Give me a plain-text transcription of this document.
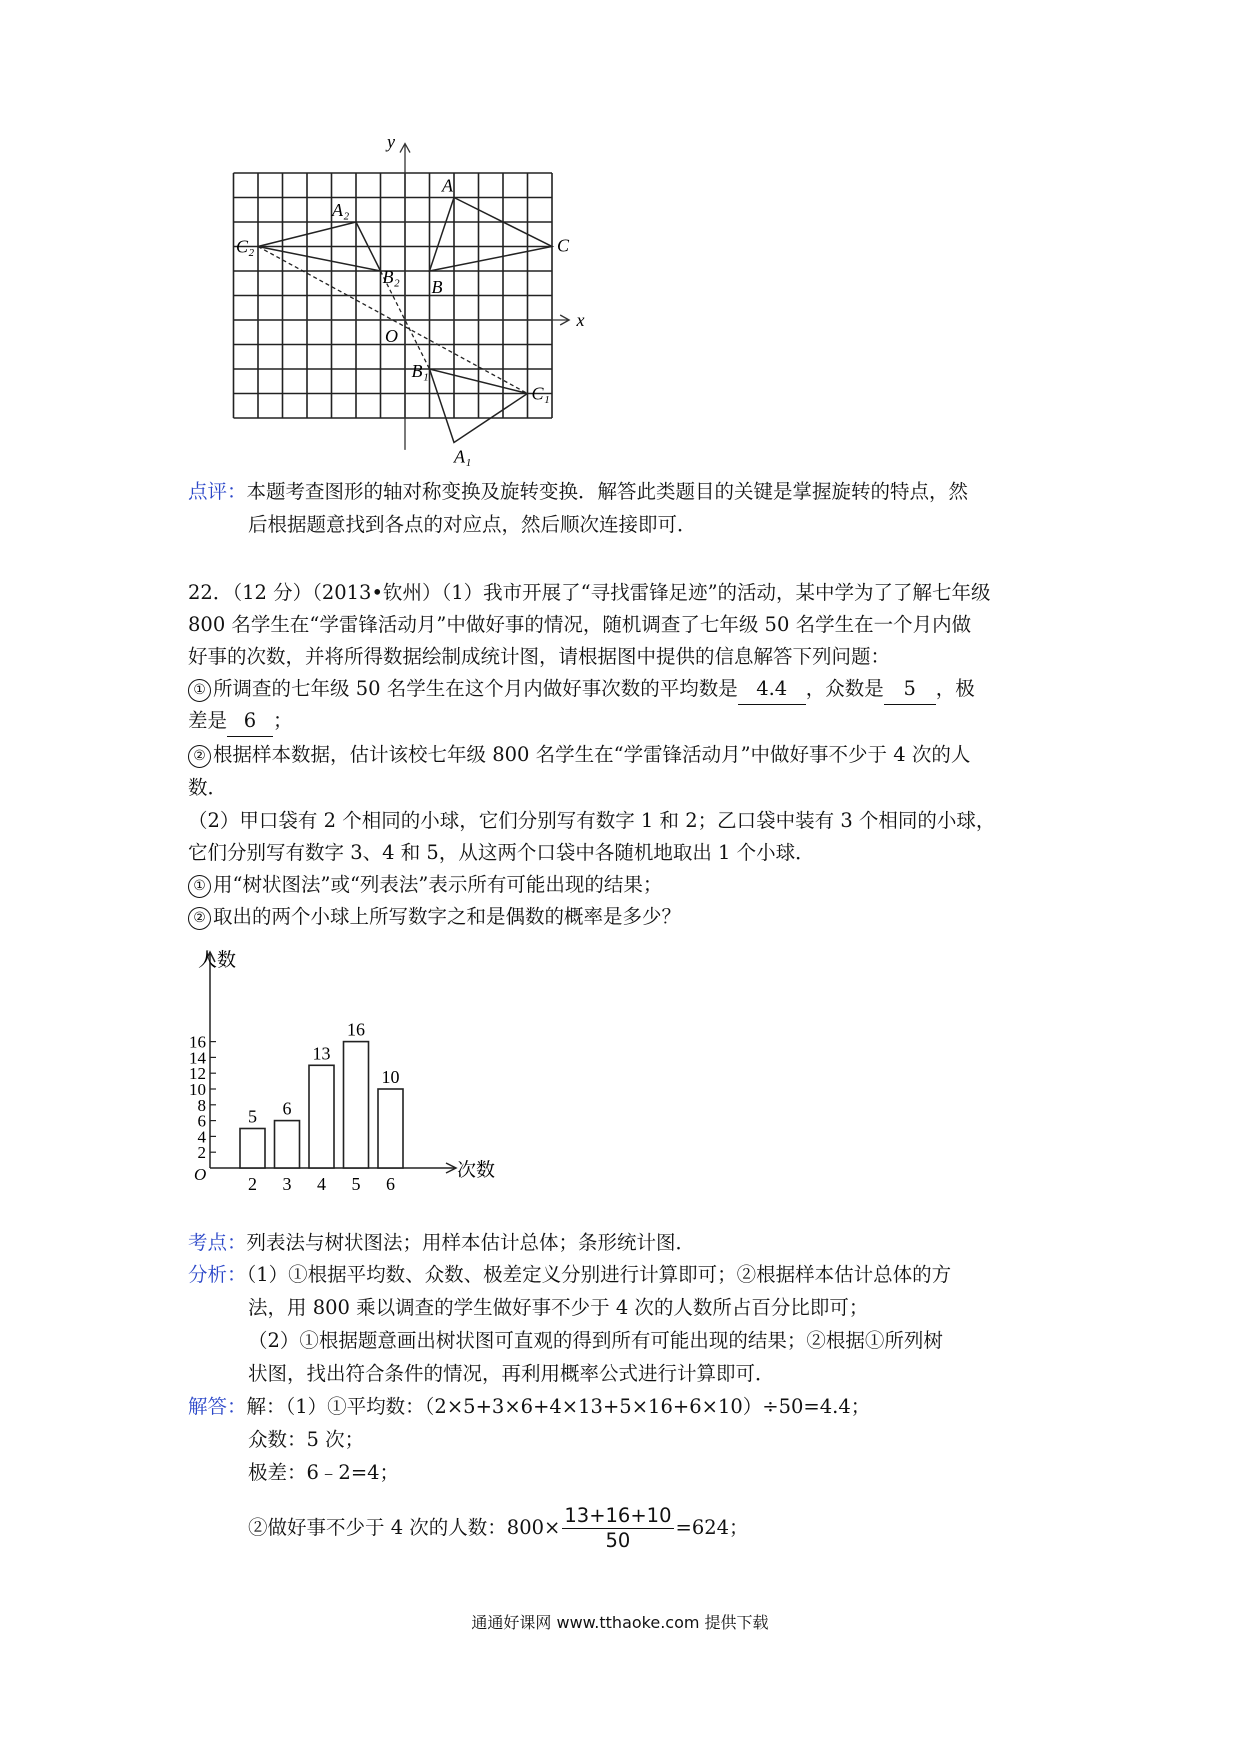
x
y
O
A
B
C
A₂
B₂
C₂
B₁
C₁
A₁
点评：本题考查图形的轴对称变换及旋转变换．解答此类题目的关键是掌握旋转的特点，然
后根据题意找到各点的对应点，然后顺次连接即可．
22．（12 分）（2013•钦州）（1）我市开展了“寻找雷锋足迹”的活动，某中学为了了解七年级
800 名学生在“学雷锋活动月”中做好事的情况，随机调查了七年级 50 名学生在一个月内做
好事的次数，并将所得数据绘制成统计图，请根据图中提供的信息解答下列问题：
① 所调查的七年级 50 名学生在这个月内做好事次数的平均数是 4.4 ，众数是 5 ，极
差是 6 ；
② 根据样本数据，估计该校七年级 800 名学生在“学雷锋活动月”中做好事不少于 4 次的人
数．
（2）甲口袋有 2 个相同的小球，它们分别写有数字 1 和 2；乙口袋中装有 3 个相同的小球，
它们分别写有数字 3、4 和 5，从这两个口袋中各随机地取出 1 个小球．
① 用“树状图法”或“列表法”表示所有可能出现的结果；
② 取出的两个小球上所写数字之和是偶数的概率是多少？
人数
次数
O
2
4
6
8
10
12
14
16
5
2
6
3
13
4
16
5
10
6
考点：列表法与树状图法；用样本估计总体；条形统计图．
分析：（1）①根据平均数、众数、极差定义分别进行计算即可；②根据样本估计总体的方
法，用 800 乘以调查的学生做好事不少于 4 次的人数所占百分比即可；
（2）①根据题意画出树状图可直观的得到所有可能出现的结果；②根据①所列树
状图，找出符合条件的情况，再利用概率公式进行计算即可．
解答：解：（1）①平均数：（2×5+3×6+4×13+5×16+6×10）÷50=4.4；
众数：5 次；
极差：6﹣2=4；
②做好事不少于 4 次的人数：$800\times \frac{13+16+10}{50} =624$；
通通好课网 www.tthaoke.com 提供下载
